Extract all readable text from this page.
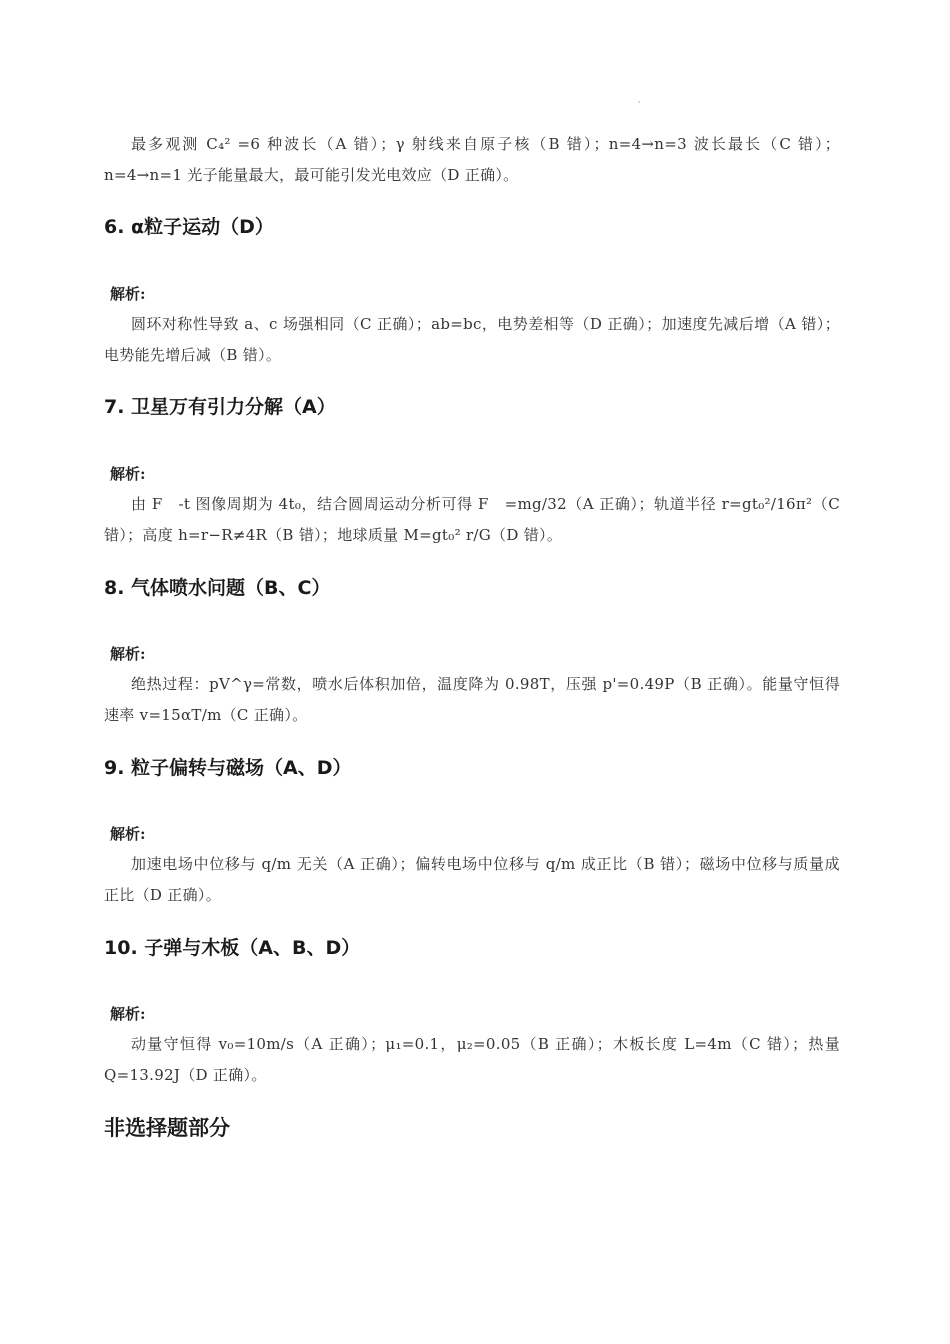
最多观测 C₄² =6 种波长（A 错）；γ 射线来自原子核（B 错）；n=4→n=3 波长最长（C 错）；n=4→n=1 光子能量最大，最可能引发光电效应（D 正确）。

6. α粒子运动（D）

解析:

圆环对称性导致 a、c 场强相同（C 正确）；ab=bc，电势差相等（D 正确）；加速度先减后增（A 错）；电势能先增后减（B 错）。

7. 卫星万有引力分解（A）

解析:

由 F　-t 图像周期为 4t₀，结合圆周运动分析可得 F　=mg/32（A 正确）；轨道半径 r=gt₀²/16π²（C 错）；高度 h=r−R≠4R（B 错）；地球质量 M=gt₀² r/G（D 错）。

8. 气体喷水问题（B、C）

解析:

绝热过程：pV^γ=常数，喷水后体积加倍，温度降为 0.98T，压强 p'=0.49P（B 正确）。能量守恒得速率 v=15αT/m（C 正确）。

9. 粒子偏转与磁场（A、D）

解析:

加速电场中位移与 q/m 无关（A 正确）；偏转电场中位移与 q/m 成正比（B 错）；磁场中位移与质量成正比（D 正确）。

10. 子弹与木板（A、B、D）

解析:

动量守恒得 v₀=10m/s（A 正确）；μ₁=0.1，μ₂=0.05（B 正确）；木板长度 L=4m（C 错）；热量 Q=13.92J（D 正确）。

非选择题部分
